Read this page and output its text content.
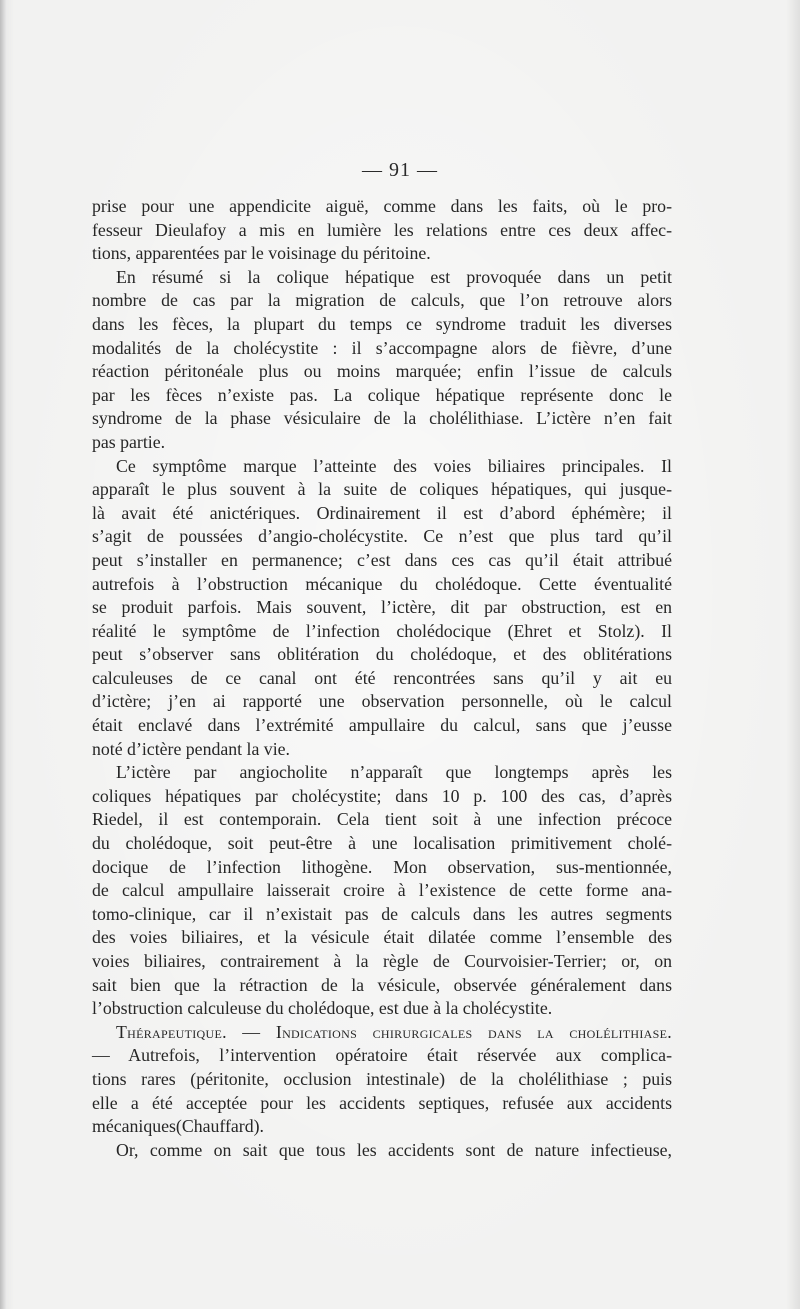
— 91 —
prise pour une appendicite aiguë, comme dans les faits, où le pro-
fesseur Dieulafoy a mis en lumière les relations entre ces deux affec-
tions, apparentées par le voisinage du péritoine.
En résumé si la colique hépatique est provoquée dans un petit
nombre de cas par la migration de calculs, que l’on retrouve alors
dans les fèces, la plupart du temps ce syndrome traduit les diverses
modalités de la cholécystite : il s’accompagne alors de fièvre, d’une
réaction péritonéale plus ou moins marquée; enfin l’issue de calculs
par les fèces n’existe pas. La colique hépatique représente donc le
syndrome de la phase vésiculaire de la cholélithiase. L’ictère n’en fait
pas partie.
Ce symptôme marque l’atteinte des voies biliaires principales. Il
apparaît le plus souvent à la suite de coliques hépatiques, qui jusque-
là avait été anictériques. Ordinairement il est d’abord éphémère; il
s’agit de poussées d’angio-cholécystite. Ce n’est que plus tard qu’il
peut s’installer en permanence; c’est dans ces cas qu’il était attribué
autrefois à l’obstruction mécanique du cholédoque. Cette éventualité
se produit parfois. Mais souvent, l’ictère, dit par obstruction, est en
réalité le symptôme de l’infection cholédocique (Ehret et Stolz). Il
peut s’observer sans oblitération du cholédoque, et des oblitérations
calculeuses de ce canal ont été rencontrées sans qu’il y ait eu
d’ictère; j’en ai rapporté une observation personnelle, où le calcul
était enclavé dans l’extrémité ampullaire du calcul, sans que j’eusse
noté d’ictère pendant la vie.
L’ictère par angiocholite n’apparaît que longtemps après les
coliques hépatiques par cholécystite; dans 10 p. 100 des cas, d’après
Riedel, il est contemporain. Cela tient soit à une infection précoce
du cholédoque, soit peut-être à une localisation primitivement cholé-
docique de l’infection lithogène. Mon observation, sus-mentionnée,
de calcul ampullaire laisserait croire à l’existence de cette forme ana-
tomo-clinique, car il n’existait pas de calculs dans les autres segments
des voies biliaires, et la vésicule était dilatée comme l’ensemble des
voies biliaires, contrairement à la règle de Courvoisier-Terrier; or, on
sait bien que la rétraction de la vésicule, observée généralement dans
l’obstruction calculeuse du cholédoque, est due à la cholécystite.
Thérapeutique. — Indications chirurgicales dans la cholélithiase.
— Autrefois, l’intervention opératoire était réservée aux complica-
tions rares (péritonite, occlusion intestinale) de la cholélithiase ; puis
elle a été acceptée pour les accidents septiques, refusée aux accidents
mécaniques(Chauffard).
Or, comme on sait que tous les accidents sont de nature infectieuse,
